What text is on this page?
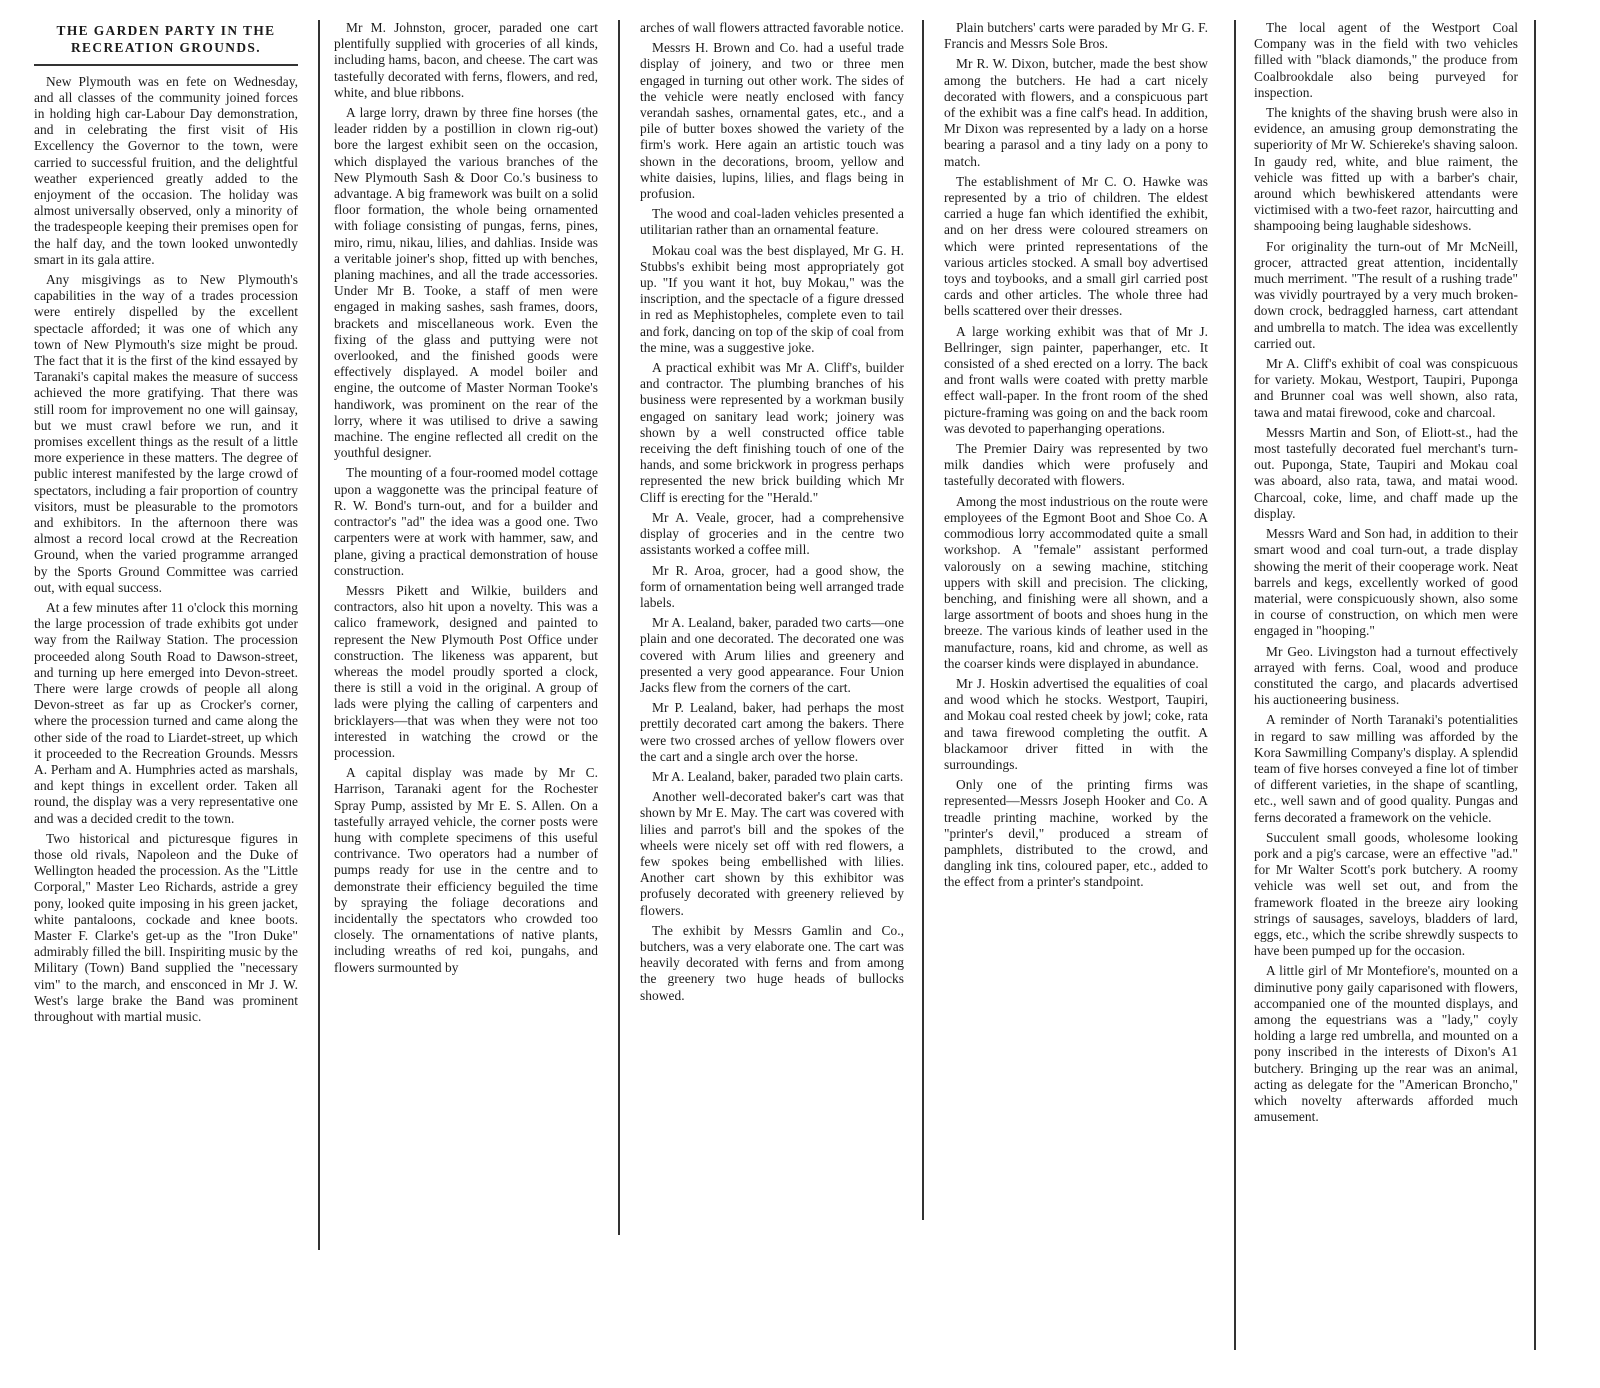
THE GARDEN PARTY IN THE
RECREATION GROUNDS.

New Plymouth was en fete on Wednesday, and all classes of the community joined forces in holding high car-Labour Day demonstration, and in celebrating the first visit of His Excellency the Governor to the town, were carried to successful fruition, and the delightful weather experienced greatly added to the enjoyment of the occasion. The holiday was almost universally observed, only a minority of the tradespeople keeping their premises open for the half day, and the town looked unwontedly smart in its gala attire.

Any misgivings as to New Plymouth's capabilities in the way of a trades procession were entirely dispelled by the excellent spectacle afforded; it was one of which any town of New Plymouth's size might be proud. The fact that it is the first of the kind essayed by Taranaki's capital makes the measure of success achieved the more gratifying. That there was still room for improvement no one will gainsay, but we must crawl before we run, and it promises excellent things as the result of a little more experience in these matters. The degree of public interest manifested by the large crowd of spectators, including a fair proportion of country visitors, must be pleasurable to the promotors and exhibitors. In the afternoon there was almost a record local crowd at the Recreation Ground, when the varied programme arranged by the Sports Ground Committee was carried out, with equal success.

At a few minutes after 11 o'clock this morning the large procession of trade exhibits got under way from the Railway Station. The procession proceeded along South Road to Dawson-street, and turning up here emerged into Devon-street. There were large crowds of people all along Devon-street as far up as Crocker's corner, where the procession turned and came along the other side of the road to Liardet-street, up which it proceeded to the Recreation Grounds. Messrs A. Perham and A. Humphries acted as marshals, and kept things in excellent order. Taken all round, the display was a very representative one and was a decided credit to the town.

Two historical and picturesque figures in those old rivals, Napoleon and the Duke of Wellington headed the procession. As the "Little Corporal," Master Leo Richards, astride a grey pony, looked quite imposing in his green jacket, white pantaloons, cockade and knee boots. Master F. Clarke's get-up as the "Iron Duke" admirably filled the bill. Inspiriting music by the Military (Town) Band supplied the "necessary vim" to the march, and ensconced in Mr J. W. West's large brake the Band was prominent throughout with martial music.

Mr M. Johnston, grocer, paraded one cart plentifully supplied with groceries of all kinds, including hams, bacon, and cheese. The cart was tastefully decorated with ferns, flowers, and red, white, and blue ribbons.

A large lorry, drawn by three fine horses (the leader ridden by a postillion in clown rig-out) bore the largest exhibit seen on the occasion, which displayed the various branches of the New Plymouth Sash & Door Co.'s business to advantage. A big framework was built on a solid floor formation, the whole being ornamented with foliage consisting of pungas, ferns, pines, miro, rimu, nikau, lilies, and dahlias. Inside was a veritable joiner's shop, fitted up with benches, planing machines, and all the trade accessories. Under Mr B. Tooke, a staff of men were engaged in making sashes, sash frames, doors, brackets and miscellaneous work. Even the fixing of the glass and puttying were not overlooked, and the finished goods were effectively displayed. A model boiler and engine, the outcome of Master Norman Tooke's handiwork, was prominent on the rear of the lorry, where it was utilised to drive a sawing machine. The engine reflected all credit on the youthful designer.

The mounting of a four-roomed model cottage upon a waggonette was the principal feature of R. W. Bond's turn-out, and for a builder and contractor's "ad" the idea was a good one. Two carpenters were at work with hammer, saw, and plane, giving a practical demonstration of house construction.

Messrs Pikett and Wilkie, builders and contractors, also hit upon a novelty. This was a calico framework, designed and painted to represent the New Plymouth Post Office under construction. The likeness was apparent, but whereas the model proudly sported a clock, there is still a void in the original. A group of lads were plying the calling of carpenters and bricklayers—that was when they were not too interested in watching the crowd or the procession.

A capital display was made by Mr C. Harrison, Taranaki agent for the Rochester Spray Pump, assisted by Mr E. S. Allen. On a tastefully arrayed vehicle, the corner posts were hung with complete specimens of this useful contrivance. Two operators had a number of pumps ready for use in the centre and to demonstrate their efficiency beguiled the time by spraying the foliage decorations and incidentally the spectators who crowded too closely. The ornamentations of native plants, including wreaths of red koi, pungahs, and flowers surmounted by

arches of wall flowers attracted favorable notice.

Messrs H. Brown and Co. had a useful trade display of joinery, and two or three men engaged in turning out other work. The sides of the vehicle were neatly enclosed with fancy verandah sashes, ornamental gates, etc., and a pile of butter boxes showed the variety of the firm's work. Here again an artistic touch was shown in the decorations, broom, yellow and white daisies, lupins, lilies, and flags being in profusion.

The wood and coal-laden vehicles presented a utilitarian rather than an ornamental feature.

Mokau coal was the best displayed, Mr G. H. Stubbs's exhibit being most appropriately got up. "If you want it hot, buy Mokau," was the inscription, and the spectacle of a figure dressed in red as Mephistopheles, complete even to tail and fork, dancing on top of the skip of coal from the mine, was a suggestive joke.

A practical exhibit was Mr A. Cliff's, builder and contractor. The plumbing branches of his business were represented by a workman busily engaged on sanitary lead work; joinery was shown by a well constructed office table receiving the deft finishing touch of one of the hands, and some brickwork in progress perhaps represented the new brick building which Mr Cliff is erecting for the "Herald."

Mr A. Veale, grocer, had a comprehensive display of groceries and in the centre two assistants worked a coffee mill.

Mr R. Aroa, grocer, had a good show, the form of ornamentation being well arranged trade labels.

Mr A. Lealand, baker, paraded two carts—one plain and one decorated. The decorated one was covered with Arum lilies and greenery and presented a very good appearance. Four Union Jacks flew from the corners of the cart.

Mr P. Lealand, baker, had perhaps the most prettily decorated cart among the bakers. There were two crossed arches of yellow flowers over the cart and a single arch over the horse.

Mr A. Lealand, baker, paraded two plain carts.

Another well-decorated baker's cart was that shown by Mr E. May. The cart was covered with lilies and parrot's bill and the spokes of the wheels were nicely set off with red flowers, a few spokes being embellished with lilies. Another cart shown by this exhibitor was profusely decorated with greenery relieved by flowers.

The exhibit by Messrs Gamlin and Co., butchers, was a very elaborate one. The cart was heavily decorated with ferns and from among the greenery two huge heads of bullocks showed.

Plain butchers' carts were paraded by Mr G. F. Francis and Messrs Sole Bros.

Mr R. W. Dixon, butcher, made the best show among the butchers. He had a cart nicely decorated with flowers, and a conspicuous part of the exhibit was a fine calf's head. In addition, Mr Dixon was represented by a lady on a horse bearing a parasol and a tiny lady on a pony to match.

The establishment of Mr C. O. Hawke was represented by a trio of children. The eldest carried a huge fan which identified the exhibit, and on her dress were coloured streamers on which were printed representations of the various articles stocked. A small boy advertised toys and toybooks, and a small girl carried post cards and other articles. The whole three had bells scattered over their dresses.

A large working exhibit was that of Mr J. Bellringer, sign painter, paperhanger, etc. It consisted of a shed erected on a lorry. The back and front walls were coated with pretty marble effect wall-paper. In the front room of the shed picture-framing was going on and the back room was devoted to paperhanging operations.

The Premier Dairy was represented by two milk dandies which were profusely and tastefully decorated with flowers.

Among the most industrious on the route were employees of the Egmont Boot and Shoe Co. A commodious lorry accommodated quite a small workshop. A "female" assistant performed valorously on a sewing machine, stitching uppers with skill and precision. The clicking, benching, and finishing were all shown, and a large assortment of boots and shoes hung in the breeze. The various kinds of leather used in the manufacture, roans, kid and chrome, as well as the coarser kinds were displayed in abundance.

Mr J. Hoskin advertised the equalities of coal and wood which he stocks. Westport, Taupiri, and Mokau coal rested cheek by jowl; coke, rata and tawa firewood completing the outfit. A blackamoor driver fitted in with the surroundings.

Only one of the printing firms was represented—Messrs Joseph Hooker and Co. A treadle printing machine, worked by the "printer's devil," produced a stream of pamphlets, distributed to the crowd, and dangling ink tins, coloured paper, etc., added to the effect from a printer's standpoint.

The local agent of the Westport Coal Company was in the field with two vehicles filled with "black diamonds," the produce from Coalbrookdale also being purveyed for inspection.

The knights of the shaving brush were also in evidence, an amusing group demonstrating the superiority of Mr W. Schiereke's shaving saloon. In gaudy red, white, and blue raiment, the vehicle was fitted up with a barber's chair, around which bewhiskered attendants were victimised with a two-feet razor, haircutting and shampooing being laughable sideshows.

For originality the turn-out of Mr McNeill, grocer, attracted great attention, incidentally much merriment. "The result of a rushing trade" was vividly pourtrayed by a very much broken-down crock, bedraggled harness, cart attendant and umbrella to match. The idea was excellently carried out.

Mr A. Cliff's exhibit of coal was conspicuous for variety. Mokau, Westport, Taupiri, Puponga and Brunner coal was well shown, also rata, tawa and matai firewood, coke and charcoal.

Messrs Martin and Son, of Eliott-st., had the most tastefully decorated fuel merchant's turn-out. Puponga, State, Taupiri and Mokau coal was aboard, also rata, tawa, and matai wood. Charcoal, coke, lime, and chaff made up the display.

Messrs Ward and Son had, in addition to their smart wood and coal turn-out, a trade display showing the merit of their cooperage work. Neat barrels and kegs, excellently worked of good material, were conspicuously shown, also some in course of construction, on which men were engaged in "hooping."

Mr Geo. Livingston had a turnout effectively arrayed with ferns. Coal, wood and produce constituted the cargo, and placards advertised his auctioneering business.

A reminder of North Taranaki's potentialities in regard to saw milling was afforded by the Kora Sawmilling Company's display. A splendid team of five horses conveyed a fine lot of timber of different varieties, in the shape of scantling, etc., well sawn and of good quality. Pungas and ferns decorated a framework on the vehicle.

Succulent small goods, wholesome looking pork and a pig's carcase, were an effective "ad." for Mr Walter Scott's pork butchery. A roomy vehicle was well set out, and from the framework floated in the breeze airy looking strings of sausages, saveloys, bladders of lard, eggs, etc., which the scribe shrewdly suspects to have been pumped up for the occasion.

A little girl of Mr Montefiore's, mounted on a diminutive pony gaily caparisoned with flowers, accompanied one of the mounted displays, and among the equestrians was a "lady," coyly holding a large red umbrella, and mounted on a pony inscribed in the interests of Dixon's A1 butchery. Bringing up the rear was an animal, acting as delegate for the "American Broncho," which novelty afterwards afforded much amusement.
